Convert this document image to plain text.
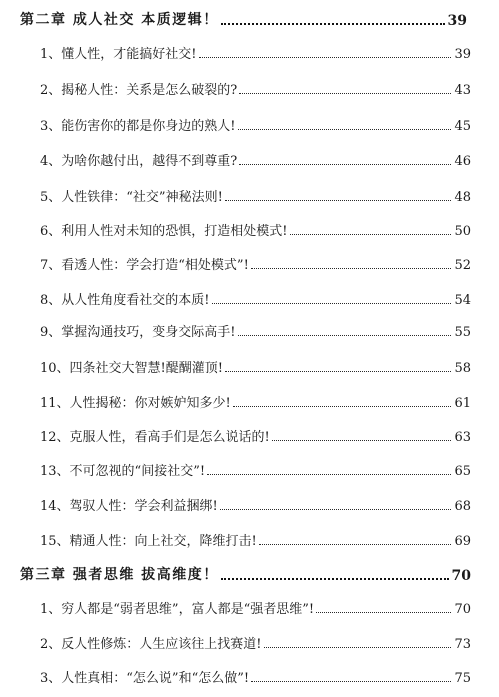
第二章 成人社交 本质逻辑！	39
1、懂人性，才能搞好社交!	39
2、揭秘人性：关系是怎么破裂的?	43
3、能伤害你的都是你身边的熟人!	45
4、为啥你越付出，越得不到尊重?	46
5、人性铁律：“社交”神秘法则!	48
6、利用人性对未知的恐惧，打造相处模式!	50
7、看透人性：学会打造“相处模式”!	52
8、从人性角度看社交的本质!	54
9、掌握沟通技巧，变身交际高手!	55
10、四条社交大智慧!醍醐灌顶!	58
11、人性揭秘：你对嫉妒知多少!	61
12、克服人性，看高手们是怎么说话的!	63
13、不可忽视的“间接社交”!	65
14、驾驭人性：学会利益捆绑!	68
15、精通人性：向上社交，降维打击!	69
第三章 强者思维 拔高维度！	70
1、穷人都是“弱者思维”，富人都是“强者思维”!	70
2、反人性修炼：人生应该往上找赛道!	73
3、人性真相：“怎么说”和“怎么做”!	75
